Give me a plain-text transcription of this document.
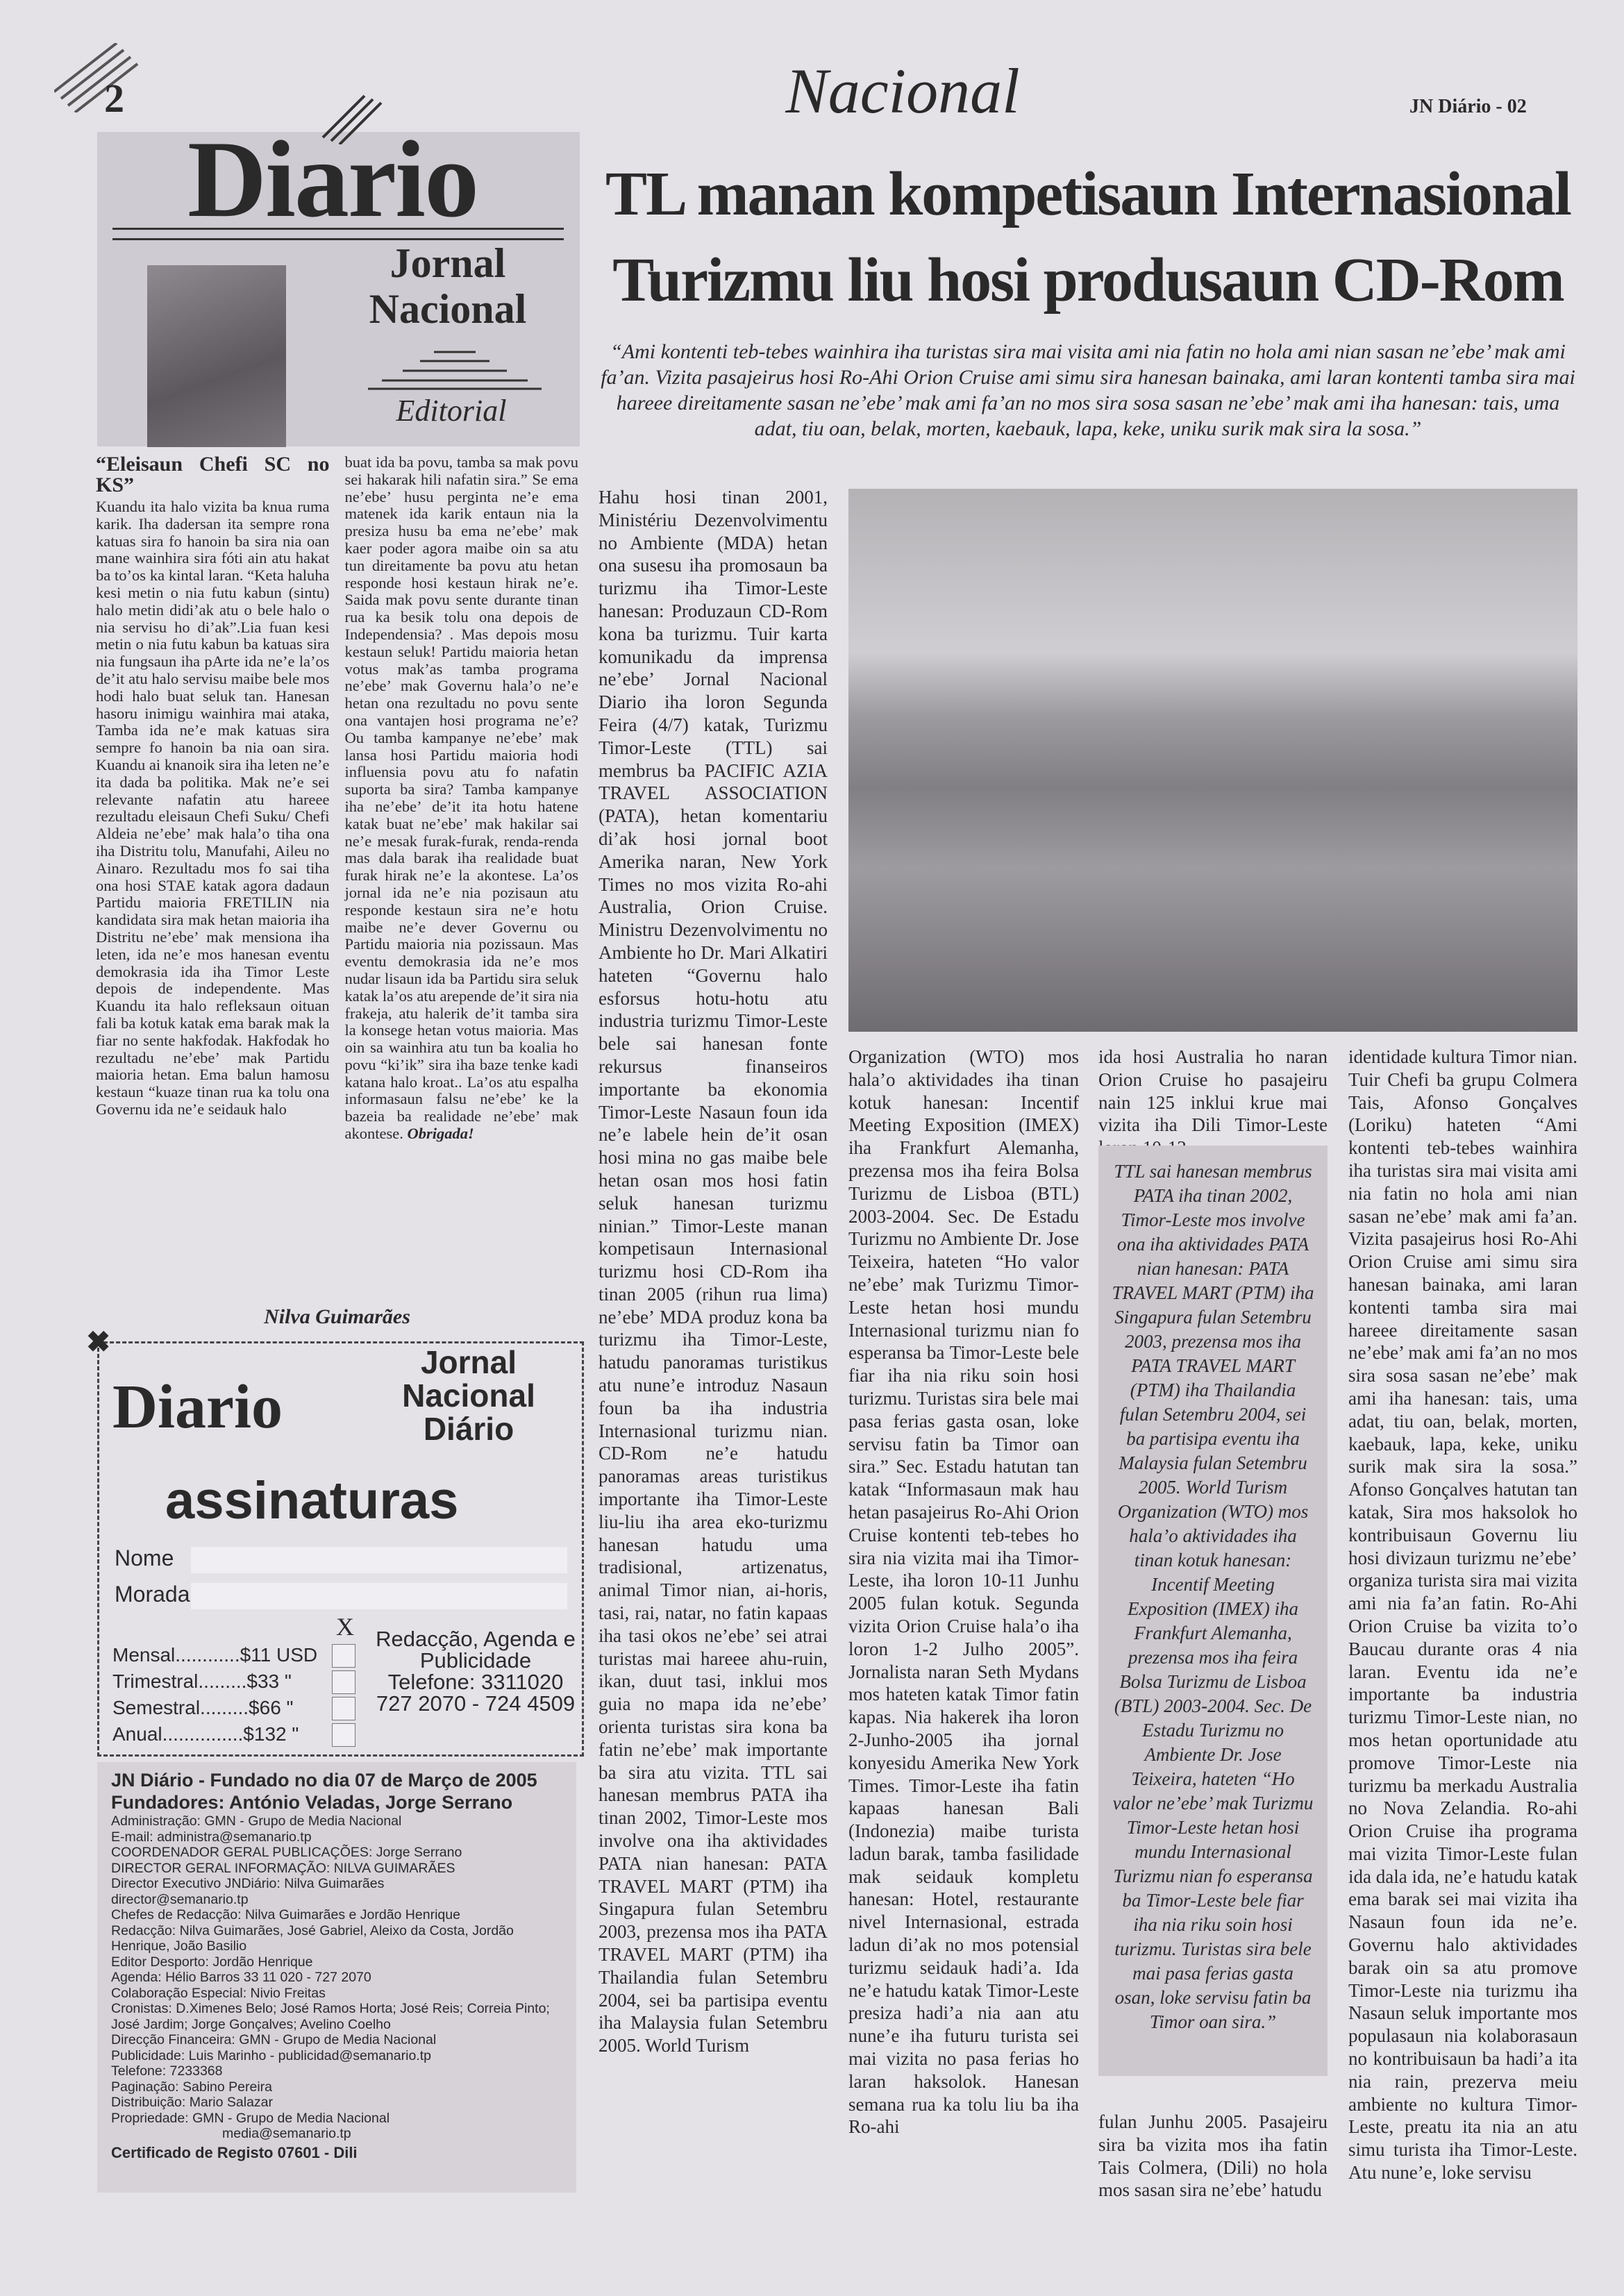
2	Nacional	JN Diário - 02
TL manan kompetisaun Internasional
Turizmu liu hosi produsaun CD-Rom
“Ami kontenti teb-tebes wainhira iha turistas sira mai visita ami nia fatin no hola ami nian sasan ne’ebe’ mak ami fa’an. Vizita pasajeirus hosi Ro-Ahi Orion Cruise ami simu sira hanesan bainaka, ami laran kontenti tamba sira mai hareee direitamente sasan ne’ebe’ mak ami fa’an no mos sira sosa sasan ne’ebe’ mak ami iha hanesan: tais, uma adat, tiu oan, belak, morten, kaebauk, lapa, keke, uniku surik mak sira la sosa.”
Diario
Jornal
Nacional
Editorial
“Eleisaun Chefi SC no KS”

Kuandu ita halo vizita ba knua ruma karik. Iha dadersan ita sempre rona katuas sira fo hanoin ba sira nia oan mane wainhira sira fóti ain atu hakat ba to’os ka kintal laran. “Keta haluha kesi metin o nia futu kabun (sintu) halo metin didi’ak atu o bele halo o nia servisu ho di’ak”.Lia fuan kesi metin o nia futu kabun ba katuas sira nia fungsaun iha pArte ida ne’e la’os de’it atu halo servisu maibe bele mos hodi halo buat seluk tan. Hanesan hasoru inimigu wainhira mai ataka, Tamba ida ne’e mak katuas sira sempre fo hanoin ba nia oan sira. Kuandu ai knanoik sira iha leten ne’e ita dada ba politika. Mak ne’e sei relevante nafatin atu hareee rezultadu eleisaun Chefi Suku/ Chefi Aldeia ne’ebe’ mak hala’o tiha ona iha Distritu tolu, Manufahi, Aileu no Ainaro. Rezultadu mos fo sai tiha ona hosi STAE katak agora dadaun Partidu maioria FRETILIN nia kandidata sira mak hetan maioria iha Distritu ne’ebe’ mak mensiona iha leten, ida ne’e mos hanesan eventu demokrasia ida iha Timor Leste depois de independente. Mas Kuandu ita halo refleksaun oituan fali ba kotuk katak ema barak mak la fiar no sente hakfodak. Hakfodak ho rezultadu ne’ebe’ mak Partidu maioria hetan. Ema balun hamosu kestaun “kuaze tinan rua ka tolu ona Governu ida ne’e seidauk halo

buat ida ba povu, tamba sa mak povu sei hakarak hili nafatin sira.” Se ema ne’ebe’ husu perginta ne’e ema matenek ida karik entaun nia la presiza husu ba ema ne’ebe’ mak kaer poder agora maibe oin sa atu tun direitamente ba povu atu hetan responde hosi kestaun hirak ne’e. Saida mak povu sente durante tinan rua ka besik tolu ona depois de Independensia? . Mas depois mosu kestaun seluk! Partidu maioria hetan votus mak’as tamba programa ne’ebe’ mak Governu hala’o ne’e hetan ona rezultadu no povu sente ona vantajen hosi programa ne’e? Ou tamba kampanye ne’ebe’ mak lansa hosi Partidu maioria hodi influensia povu atu fo nafatin suporta ba sira? Tamba kampanye iha ne’ebe’ de’it ita hotu hatene katak buat ne’ebe’ mak hakilar sai ne’e mesak furak-furak, renda-renda mas dala barak iha realidade buat furak hirak ne’e la akontese. La’os jornal ida ne’e nia pozisaun atu responde kestaun sira ne’e hotu maibe ne’e dever Governu ou Partidu maioria nia pozissaun. Mas eventu demokrasia ida ne’e mos nudar lisaun ida ba Partidu sira seluk katak la’os atu arepende de’it sira nia frakeja, atu halerik de’it tamba sira la konsege hetan votus maioria. Mas oin sa wainhira atu tun ba koalia ho povu “ki’ik” sira iha baze tenke kadi katana halo kroat.. La’os atu espalha informasaun falsu ne’ebe’ ke la bazeia ba realidade ne’ebe’ mak akontese. Obrigada!

Nilva Guimarães
✖
Diario
Jornal Nacional Diário
assinaturas
Nome
Morada
X
Mensal............$11 USD
Trimestral.........$33 "
Semestral.........$66 "
Anual...............$132 "
Redacção, Agenda e Publicidade Telefone: 3311020 727 2070 - 724 4509
JN Diário - Fundado no dia 07 de Março de 2005
Fundadores: António Veladas, Jorge Serrano
Administração: GMN - Grupo de Media Nacional
E-mail: administra@semanario.tp
COORDENADOR GERAL PUBLICAÇÕES: Jorge Serrano
DIRECTOR GERAL INFORMAÇÃO: NILVA GUIMARÃES
Director Executivo JNDiário: Nilva Guimarães
director@semanario.tp
Chefes de Redacção: Nilva Guimarães e Jordão Henrique
Redacção: Nilva Guimarães, José Gabriel, Aleixo da Costa, Jordão Henrique, João Basilio
Editor Desporto: Jordão Henrique
Agenda: Hélio Barros 33 11 020 - 727 2070
Colaboração Especial: Nivio Freitas
Cronistas: D.Ximenes Belo; José Ramos Horta; José Reis; Correia Pinto; José Jardim; Jorge Gonçalves; Avelino Coelho
Direcção Financeira: GMN - Grupo de Media Nacional
Publicidade: Luis Marinho - publicidad@semanario.tp
Telefone: 7233368
Paginação: Sabino Pereira
Distribuição: Mario Salazar
Propriedade: GMN - Grupo de Media Nacional
media@semanario.tp
Certificado de Registo 07601 - Dili
Hahu hosi tinan 2001, Ministériu Dezenvolvimentu no Ambiente (MDA) hetan ona susesu iha promosaun ba turizmu iha Timor-Leste hanesan: Produzaun CD-Rom kona ba turizmu. Tuir karta komunikadu da imprensa ne’ebe’ Jornal Nacional Diario iha loron Segunda Feira (4/7) katak, Turizmu Timor-Leste (TTL) sai membrus ba PACIFIC AZIA TRAVEL ASSOCIATION (PATA), hetan komentariu di’ak hosi jornal boot Amerika naran, New York Times no mos vizita Ro-ahi Australia, Orion Cruise. Ministru Dezenvolvimentu no Ambiente ho Dr. Mari Alkatiri hateten “Governu halo esforsus hotu-hotu atu industria turizmu Timor-Leste bele sai hanesan fonte rekursus finanseiros importante ba ekonomia Timor-Leste Nasaun foun ida ne’e labele hein de’it osan hosi mina no gas maibe bele hetan osan mos hosi fatin seluk hanesan turizmu ninian.” Timor-Leste manan kompetisaun Internasional turizmu hosi CD-Rom iha tinan 2005 (rihun rua lima) ne’ebe’ MDA produz kona ba turizmu iha Timor-Leste, hatudu panoramas turistikus atu nune’e introduz Nasaun foun ba iha industria Internasional turizmu nian. CD-Rom ne’e hatudu panoramas areas turistikus importante iha Timor-Leste liu-liu iha area eko-turizmu hanesan hatudu uma tradisional, artizenatus, animal Timor nian, ai-horis, tasi, rai, natar, no fatin kapaas iha tasi okos ne’ebe’ sei atrai turistas mai hareee ahu-ruin, ikan, duut tasi, inklui mos guia no mapa ida ne’ebe’ orienta turistas sira kona ba fatin ne’ebe’ mak importante ba sira atu vizita. TTL sai hanesan membrus PATA iha tinan 2002, Timor-Leste mos involve ona iha aktividades PATA nian hanesan: PATA TRAVEL MART (PTM) iha Singapura fulan Setembru 2003, prezensa mos iha PATA TRAVEL MART (PTM) iha Thailandia fulan Setembru 2004, sei ba partisipa eventu iha Malaysia fulan Setembru 2005. World Turism
Organization (WTO) mos hala’o aktividades iha tinan kotuk hanesan: Incentif Meeting Exposition (IMEX) iha Frankfurt Alemanha, prezensa mos iha feira Bolsa Turizmu de Lisboa (BTL) 2003-2004. Sec. De Estadu Turizmu no Ambiente Dr. Jose Teixeira, hateten “Ho valor ne’ebe’ mak Turizmu Timor-Leste hetan hosi mundu Internasional turizmu nian fo esperansa ba Timor-Leste bele fiar iha nia riku soin hosi turizmu. Turistas sira bele mai pasa ferias gasta osan, loke servisu fatin ba Timor oan sira.” Sec. Estadu hatutan tan katak “Informasaun mak hau hetan pasajeirus Ro-Ahi Orion Cruise kontenti teb-tebes ho sira nia vizita mai iha Timor-Leste, iha loron 10-11 Junhu 2005 fulan kotuk. Segunda vizita Orion Cruise hala’o iha loron 1-2 Julho 2005”. Jornalista naran Seth Mydans mos hateten katak Timor fatin kapas. Nia hakerek iha loron 2-Junho-2005 iha jornal konyesidu Amerika New York Times. Timor-Leste iha fatin kapaas hanesan Bali (Indonezia) maibe turista ladun barak, tamba fasilidade mak seidauk kompletu hanesan: Hotel, restaurante nivel Internasional, estrada ladun di’ak no mos potensial turizmu seidauk hadi’a. Ida ne’e hatudu katak Timor-Leste presiza hadi’a nia aan atu nune’e iha futuru turista sei mai vizita no pasa ferias ho laran haksolok. Hanesan semana rua ka tolu liu ba iha Ro-ahi
ida hosi Australia ho naran Orion Cruise ho pasajeiru nain 125 inklui krue mai vizita iha Dili Timor-Leste
TTL sai hanesan membrus PATA iha tinan 2002, Timor-Leste mos involve ona iha aktividades PATA nian hanesan: PATA TRAVEL MART (PTM) iha Singapura fulan Setembru 2003, prezensa mos iha PATA TRAVEL MART (PTM) iha Thailandia fulan Setembru 2004, sei ba partisipa eventu iha Malaysia fulan Setembru 2005. World Turism Organization (WTO) mos hala’o aktividades iha tinan kotuk hanesan: Incentif Meeting Exposition (IMEX) iha Frankfurt Alemanha, prezensa mos iha feira Bolsa Turizmu de Lisboa (BTL) 2003-2004. Sec. De Estadu Turizmu no Ambiente Dr. Jose Teixeira, hateten “Ho valor ne’ebe’ mak Turizmu Timor-Leste hetan hosi mundu Internasional Turizmu nian fo esperansa ba Timor-Leste bele fiar iha nia riku soin hosi turizmu. Turistas sira bele mai pasa ferias gasta osan, loke servisu fatin ba Timor oan sira.”
fulan Junhu 2005. Pasajeiru sira ba vizita mos iha fatin Tais Colmera, (Dili) no hola mos sasan sira ne’ebe’ hatudu
identidade kultura Timor nian. Tuir Chefi ba grupu Colmera Tais, Afonso Gonçalves (Loriku) hateten “Ami kontenti teb-tebes wainhira iha turistas sira mai visita ami nia fatin no hola ami nian sasan ne’ebe’ mak ami fa’an. Vizita pasajeirus hosi Ro-Ahi Orion Cruise ami simu sira hanesan bainaka, ami laran kontenti tamba sira mai hareee direitamente sasan ne’ebe’ mak ami fa’an no mos sira sosa sasan ne’ebe’ mak ami iha hanesan: tais, uma adat, tiu oan, belak, morten, kaebauk, lapa, keke, uniku surik mak sira la sosa.” Afonso Gonçalves hatutan tan katak, Sira mos haksolok ho kontribuisaun Governu liu hosi divizaun turizmu ne’ebe’ organiza turista sira mai vizita ami nia fa’an fatin. Ro-Ahi Orion Cruise ba vizita to’o Baucau durante oras 4 nia laran. Eventu ida ne’e importante ba industria turizmu Timor-Leste nian, no mos hetan oportunidade atu promove Timor-Leste nia turizmu ba merkadu Australia no Nova Zelandia. Ro-ahi Orion Cruise iha programa mai vizita Timor-Leste fulan ida dala ida, ne’e hatudu katak ema barak sei mai vizita iha Nasaun foun ida ne’e. Governu halo aktividades barak oin sa atu promove Timor-Leste nia turizmu iha Nasaun seluk importante mos populasaun nia kolaborasaun no kontribuisaun ba hadi’a ita nia rain, prezerva meiu ambiente no kultura Timor-Leste, preatu ita nia an atu simu turista iha Timor-Leste. Atu nune’e, loke servisu
